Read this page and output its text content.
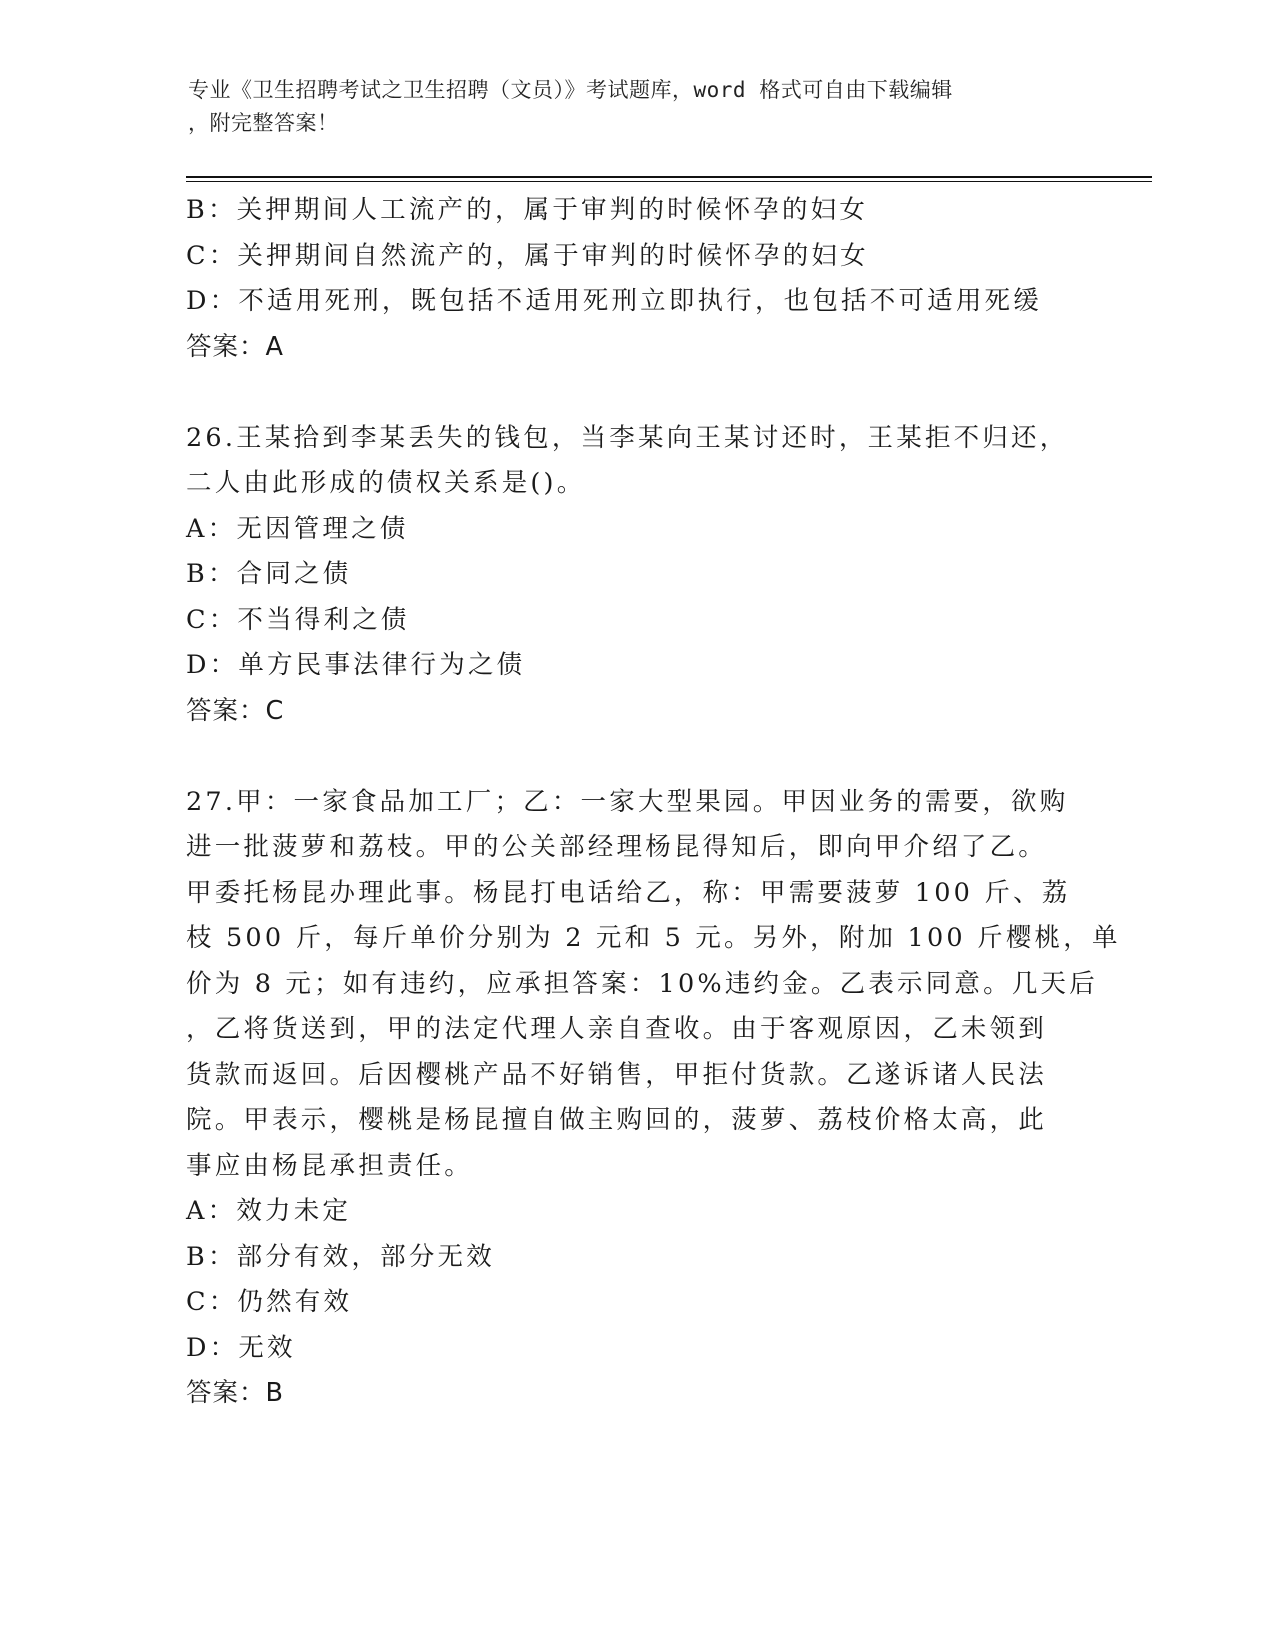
专业《卫生招聘考试之卫生招聘（文员）》考试题库，word 格式可自由下载编辑
，附完整答案！
B：关押期间人工流产的，属于审判的时候怀孕的妇女
C：关押期间自然流产的，属于审判的时候怀孕的妇女
D：不适用死刑，既包括不适用死刑立即执行，也包括不可适用死缓
答案：A
26.王某拾到李某丢失的钱包，当李某向王某讨还时，王某拒不归还，
二人由此形成的债权关系是()。
A：无因管理之债
B：合同之债
C：不当得利之债
D：单方民事法律行为之债
答案：C
27.甲：一家食品加工厂；乙：一家大型果园。甲因业务的需要，欲购
进一批菠萝和荔枝。甲的公关部经理杨昆得知后，即向甲介绍了乙。
甲委托杨昆办理此事。杨昆打电话给乙，称：甲需要菠萝 100 斤、荔
枝 500 斤，每斤单价分别为 2 元和 5 元。另外，附加 100 斤樱桃，单
价为 8 元；如有违约，应承担答案：10%违约金。乙表示同意。几天后
，乙将货送到，甲的法定代理人亲自查收。由于客观原因，乙未领到
货款而返回。后因樱桃产品不好销售，甲拒付货款。乙遂诉诸人民法
院。甲表示，樱桃是杨昆擅自做主购回的，菠萝、荔枝价格太高，此
事应由杨昆承担责任。
A：效力未定
B：部分有效，部分无效
C：仍然有效
D：无效
答案：B
